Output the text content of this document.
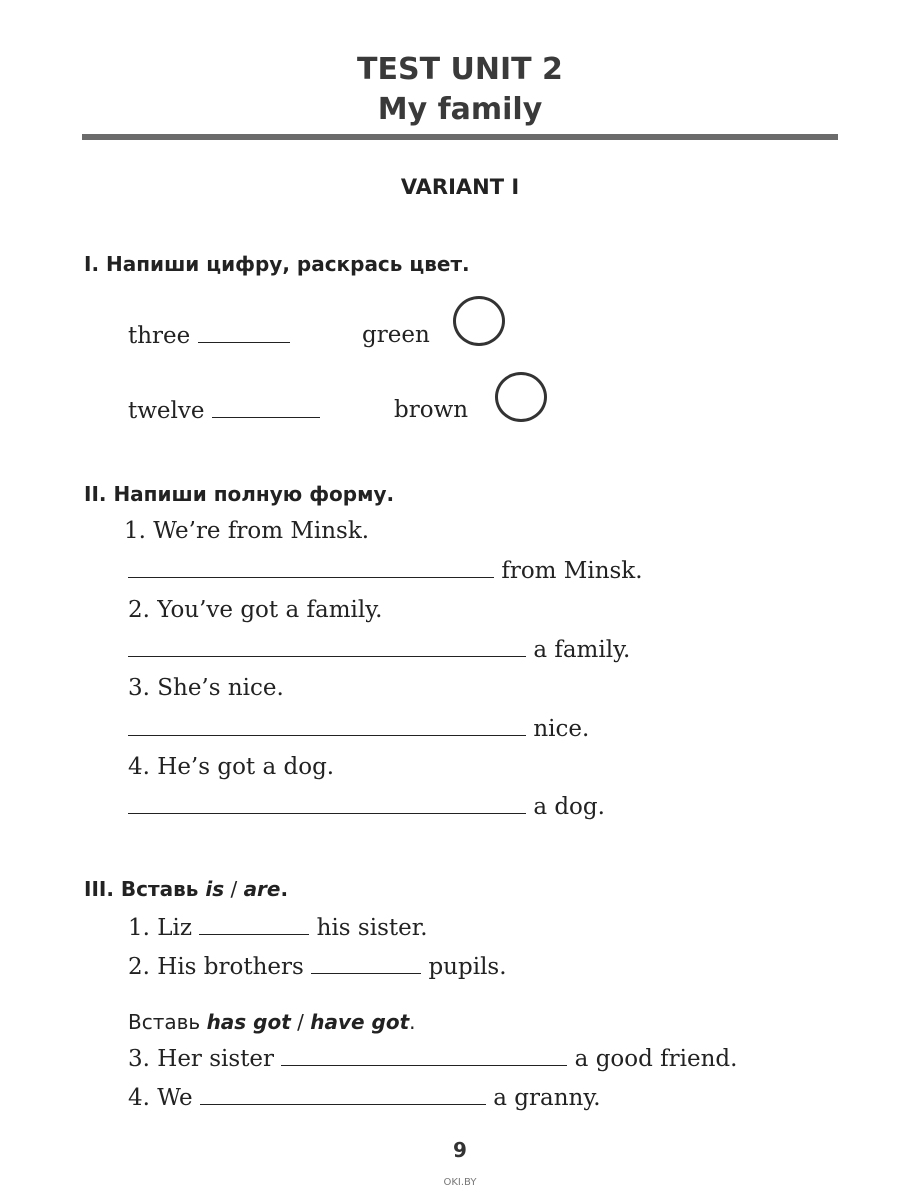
TEST UNIT 2
My family
VARIANT I
I. Напиши цифру, раскрась цвет.
three	green
twelve	brown
II. Напиши полную форму.
1. We’re from Minsk.
from Minsk.
2. You’ve got a family.
a family.
3. She’s nice.
nice.
4. He’s got a dog.
a dog.
III. Вставь is / are.
1. Liz	his sister.
2. His brothers	pupils.
Вставь has got / have got.
3. Her sister	a good friend.
4. We	a granny.
9
OKI.BY
